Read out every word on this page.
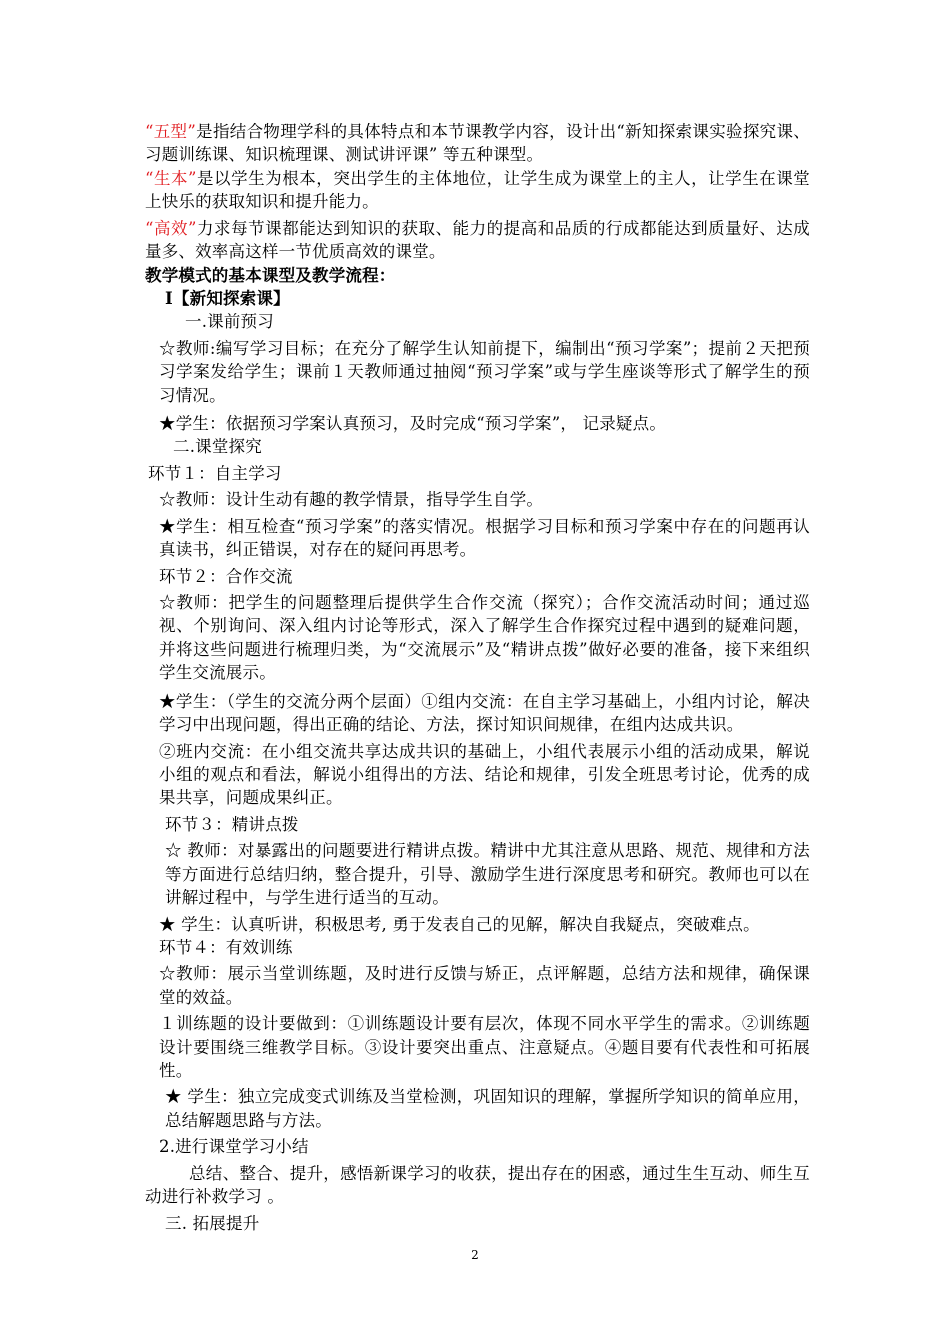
“五型”是指结合物理学科的具体特点和本节课教学内容，设计出“新知探索课实验探究课、习题训练课、知识梳理课、测试讲评课” 等五种课型。

“生本”是以学生为根本，突出学生的主体地位，让学生成为课堂上的主人，让学生在课堂上快乐的获取知识和提升能力。

“高效”力求每节课都能达到知识的获取、能力的提高和品质的行成都能达到质量好、达成量多、效率高这样一节优质高效的课堂。

教学模式的基本课型及教学流程：

Ⅰ【新知探索课】

一.课前预习

☆教师:编写学习目标；在充分了解学生认知前提下，编制出“预习学案”；提前２天把预习学案发给学生；课前１天教师通过抽阅“预习学案”或与学生座谈等形式了解学生的预习情况。

★学生：依据预习学案认真预习，及时完成“预习学案”， 记录疑点。

二.课堂探究

环节１：自主学习

☆教师：设计生动有趣的教学情景，指导学生自学。

★学生：相互检查“预习学案”的落实情况。根据学习目标和预习学案中存在的问题再认真读书，纠正错误，对存在的疑问再思考。

环节２：合作交流

☆教师：把学生的问题整理后提供学生合作交流（探究）；合作交流活动时间；通过巡视、个别询问、深入组内讨论等形式，深入了解学生合作探究过程中遇到的疑难问题，并将这些问题进行梳理归类，为“交流展示”及“精讲点拨”做好必要的准备，接下来组织学生交流展示。

★学生：（学生的交流分两个层面）①组内交流：在自主学习基础上，小组内讨论，解决学习中出现问题，得出正确的结论、方法，探讨知识间规律，在组内达成共识。

②班内交流：在小组交流共享达成共识的基础上，小组代表展示小组的活动成果，解说小组的观点和看法，解说小组得出的方法、结论和规律，引发全班思考讨论，优秀的成果共享，问题成果纠正。

环节３：精讲点拨

☆ 教师：对暴露出的问题要进行精讲点拨。精讲中尤其注意从思路、规范、规律和方法等方面进行总结归纳，整合提升，引导、激励学生进行深度思考和研究。教师也可以在讲解过程中，与学生进行适当的互动。

★ 学生：认真听讲，积极思考, 勇于发表自己的见解，解决自我疑点，突破难点。

环节４：有效训练

☆教师：展示当堂训练题，及时进行反馈与矫正，点评解题，总结方法和规律，确保课堂的效益。

１训练题的设计要做到：①训练题设计要有层次，体现不同水平学生的需求。②训练题设计要围绕三维教学目标。③设计要突出重点、注意疑点。④题目要有代表性和可拓展性。

★ 学生：独立完成变式训练及当堂检测，巩固知识的理解，掌握所学知识的简单应用，总结解题思路与方法。

2.进行课堂学习小结

总结、整合、提升，感悟新课学习的收获，提出存在的困惑，通过生生互动、师生互动进行补救学习 。

三. 拓展提升

2
